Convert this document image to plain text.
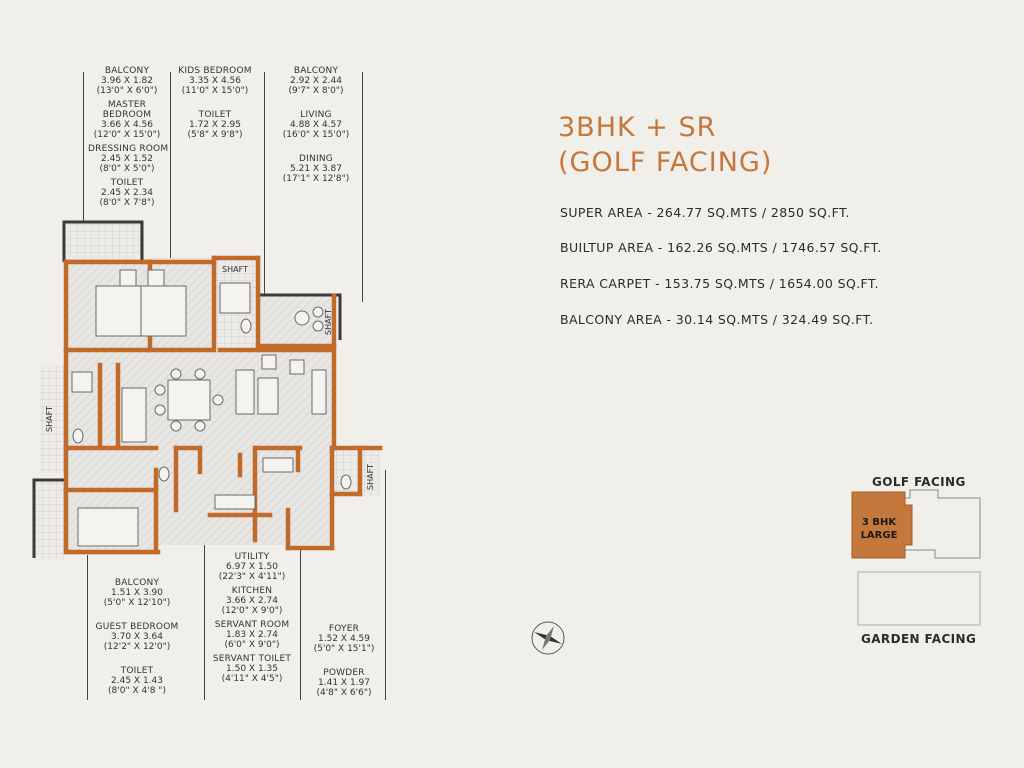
3BHK + SR
(GOLF FACING)
SUPER AREA - 264.77 SQ.MTS / 2850 SQ.FT.
BUILTUP AREA - 162.26 SQ.MTS / 1746.57 SQ.FT.
RERA CARPET - 153.75 SQ.MTS / 1654.00 SQ.FT.
BALCONY AREA - 30.14 SQ.MTS / 324.49 SQ.FT.
BALCONY
3.96 X 1.82
(13'0" X 6'0")
MASTER
BEDROOM
3.66 X 4.56
(12'0" X 15'0")
DRESSING ROOM
2.45 X 1.52
(8'0" X 5'0")
TOILET
2.45 X 2.34
(8'0" X 7'8")
KIDS BEDROOM
3.35 X 4.56
(11'0" X 15'0")
TOILET
1.72 X 2.95
(5'8" X 9'8")
BALCONY
2.92 X 2.44
(9'7" X 8'0")
LIVING
4.88 X 4.57
(16'0" X 15'0")
DINING
5.21 X 3.87
(17'1" X 12'8")
BALCONY
1.51 X 3.90
(5'0" X 12'10")
GUEST BEDROOM
3.70 X 3.64
(12'2" X 12'0")
TOILET
2.45 X 1.43
(8'0" X 4'8 ")
UTILITY
6.97 X 1.50
(22'3" X 4'11")
KITCHEN
3.66 X 2.74
(12'0" X 9'0")
SERVANT ROOM
1.83 X 2.74
(6'0" X 9'0")
SERVANT TOILET
1.50 X 1.35
(4'11" X 4'5")
FOYER
1.52 X 4.59
(5'0" X 15'1")
POWDER
1.41 X 1.97
(4'8" X 6'6")
SHAFT
SHAFT
SHAFT
SHAFT
3 BHK
LARGE
GOLF FACING
GARDEN FACING
